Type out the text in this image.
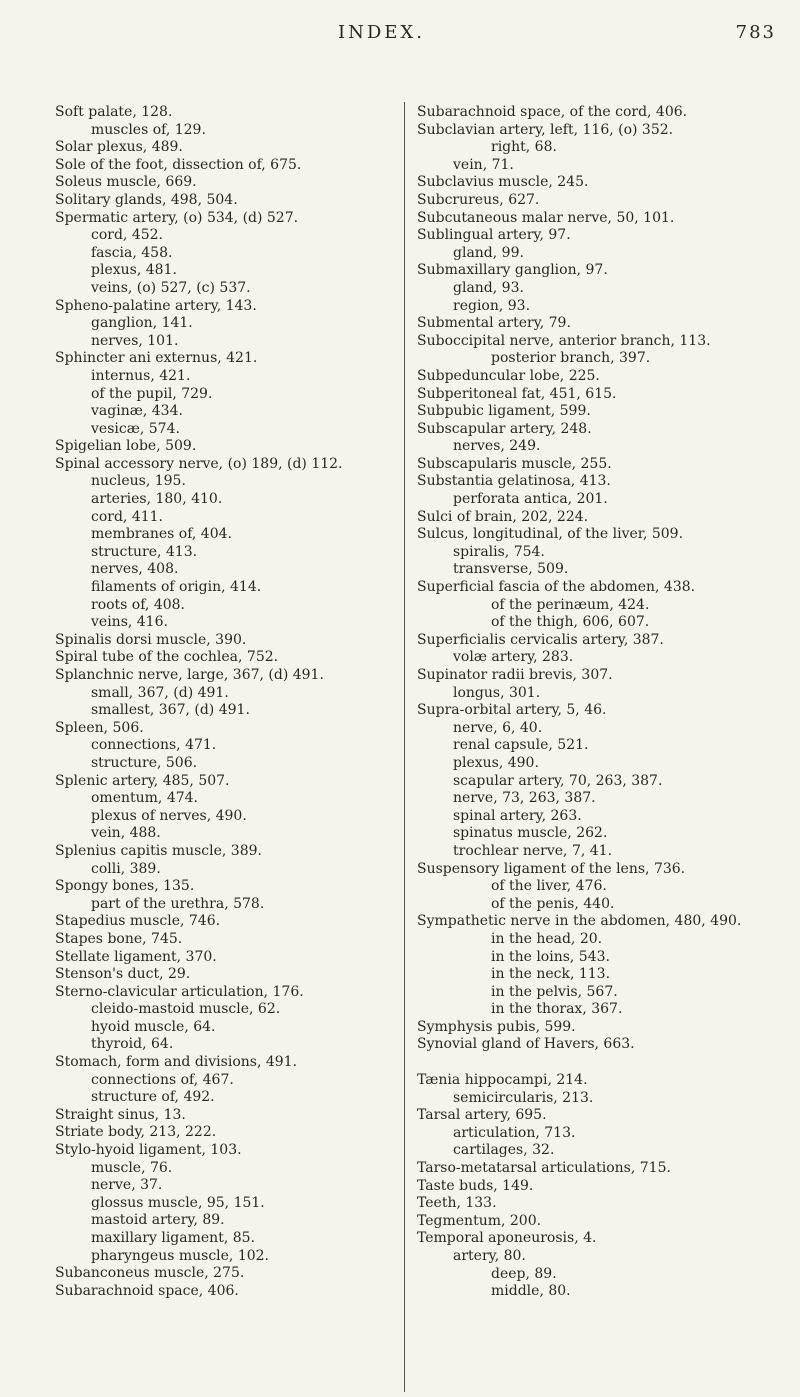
INDEX.	783
Soft palate, 128.
muscles of, 129.
Solar plexus, 489.
Sole of the foot, dissection of, 675.
Soleus muscle, 669.
Solitary glands, 498, 504.
Spermatic artery, (o) 534, (d) 527.
cord, 452.
fascia, 458.
plexus, 481.
veins, (o) 527, (c) 537.
Spheno-palatine artery, 143.
ganglion, 141.
nerves, 101.
Sphincter ani externus, 421.
internus, 421.
of the pupil, 729.
vaginæ, 434.
vesicæ, 574.
Spigelian lobe, 509.
Spinal accessory nerve, (o) 189, (d) 112.
nucleus, 195.
arteries, 180, 410.
cord, 411.
membranes of, 404.
structure, 413.
nerves, 408.
filaments of origin, 414.
roots of, 408.
veins, 416.
Spinalis dorsi muscle, 390.
Spiral tube of the cochlea, 752.
Splanchnic nerve, large, 367, (d) 491.
small, 367, (d) 491.
smallest, 367, (d) 491.
Spleen, 506.
connections, 471.
structure, 506.
Splenic artery, 485, 507.
omentum, 474.
plexus of nerves, 490.
vein, 488.
Splenius capitis muscle, 389.
colli, 389.
Spongy bones, 135.
part of the urethra, 578.
Stapedius muscle, 746.
Stapes bone, 745.
Stellate ligament, 370.
Stenson's duct, 29.
Sterno-clavicular articulation, 176.
cleido-mastoid muscle, 62.
hyoid muscle, 64.
thyroid, 64.
Stomach, form and divisions, 491.
connections of, 467.
structure of, 492.
Straight sinus, 13.
Striate body, 213, 222.
Stylo-hyoid ligament, 103.
muscle, 76.
nerve, 37.
glossus muscle, 95, 151.
mastoid artery, 89.
maxillary ligament, 85.
pharyngeus muscle, 102.
Subanconeus muscle, 275.
Subarachnoid space, 406.
Subarachnoid space, of the cord, 406.
Subclavian artery, left, 116, (o) 352.
right, 68.
vein, 71.
Subclavius muscle, 245.
Subcrureus, 627.
Subcutaneous malar nerve, 50, 101.
Sublingual artery, 97.
gland, 99.
Submaxillary ganglion, 97.
gland, 93.
region, 93.
Submental artery, 79.
Suboccipital nerve, anterior branch, 113.
posterior branch, 397.
Subpeduncular lobe, 225.
Subperitoneal fat, 451, 615.
Subpubic ligament, 599.
Subscapular artery, 248.
nerves, 249.
Subscapularis muscle, 255.
Substantia gelatinosa, 413.
perforata antica, 201.
Sulci of brain, 202, 224.
Sulcus, longitudinal, of the liver, 509.
spiralis, 754.
transverse, 509.
Superficial fascia of the abdomen, 438.
of the perinæum, 424.
of the thigh, 606, 607.
Superficialis cervicalis artery, 387.
volæ artery, 283.
Supinator radii brevis, 307.
longus, 301.
Supra-orbital artery, 5, 46.
nerve, 6, 40.
renal capsule, 521.
plexus, 490.
scapular artery, 70, 263, 387.
nerve, 73, 263, 387.
spinal artery, 263.
spinatus muscle, 262.
trochlear nerve, 7, 41.
Suspensory ligament of the lens, 736.
of the liver, 476.
of the penis, 440.
Sympathetic nerve in the abdomen, 480, 490.
in the head, 20.
in the loins, 543.
in the neck, 113.
in the pelvis, 567.
in the thorax, 367.
Symphysis pubis, 599.
Synovial gland of Havers, 663.
Tænia hippocampi, 214.
semicircularis, 213.
Tarsal artery, 695.
articulation, 713.
cartilages, 32.
Tarso-metatarsal articulations, 715.
Taste buds, 149.
Teeth, 133.
Tegmentum, 200.
Temporal aponeurosis, 4.
artery, 80.
deep, 89.
middle, 80.
